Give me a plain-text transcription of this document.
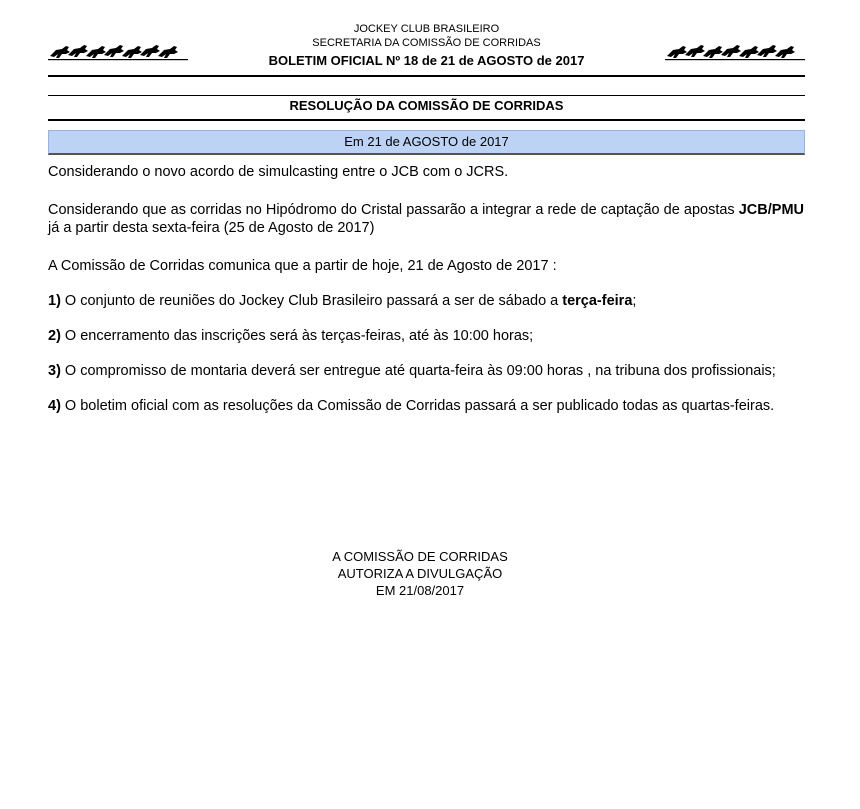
JOCKEY CLUB BRASILEIRO
SECRETARIA DA COMISSÃO DE CORRIDAS
BOLETIM OFICIAL Nº 18 de 21 de AGOSTO de 2017
RESOLUÇÃO DA COMISSÃO DE CORRIDAS
Em 21 de AGOSTO de 2017

Considerando o novo acordo de simulcasting entre o JCB com o JCRS.

Considerando que as corridas no Hipódromo do Cristal passarão a integrar a rede de captação de apostas JCB/PMU já a partir desta sexta-feira (25 de Agosto de 2017)

A Comissão de Corridas comunica que a partir de hoje, 21 de Agosto de 2017 :

1) O conjunto de reuniões do Jockey Club Brasileiro passará a ser de sábado a terça-feira;

2) O encerramento das inscrições será às terças-feiras, até às 10:00 horas;

3) O compromisso de montaria deverá ser entregue até quarta-feira às 09:00 horas , na tribuna dos profissionais;

4) O boletim oficial com as resoluções da Comissão de Corridas passará a ser publicado todas as quartas-feiras.

A COMISSÃO DE CORRIDAS
AUTORIZA A DIVULGAÇÃO
EM 21/08/2017
